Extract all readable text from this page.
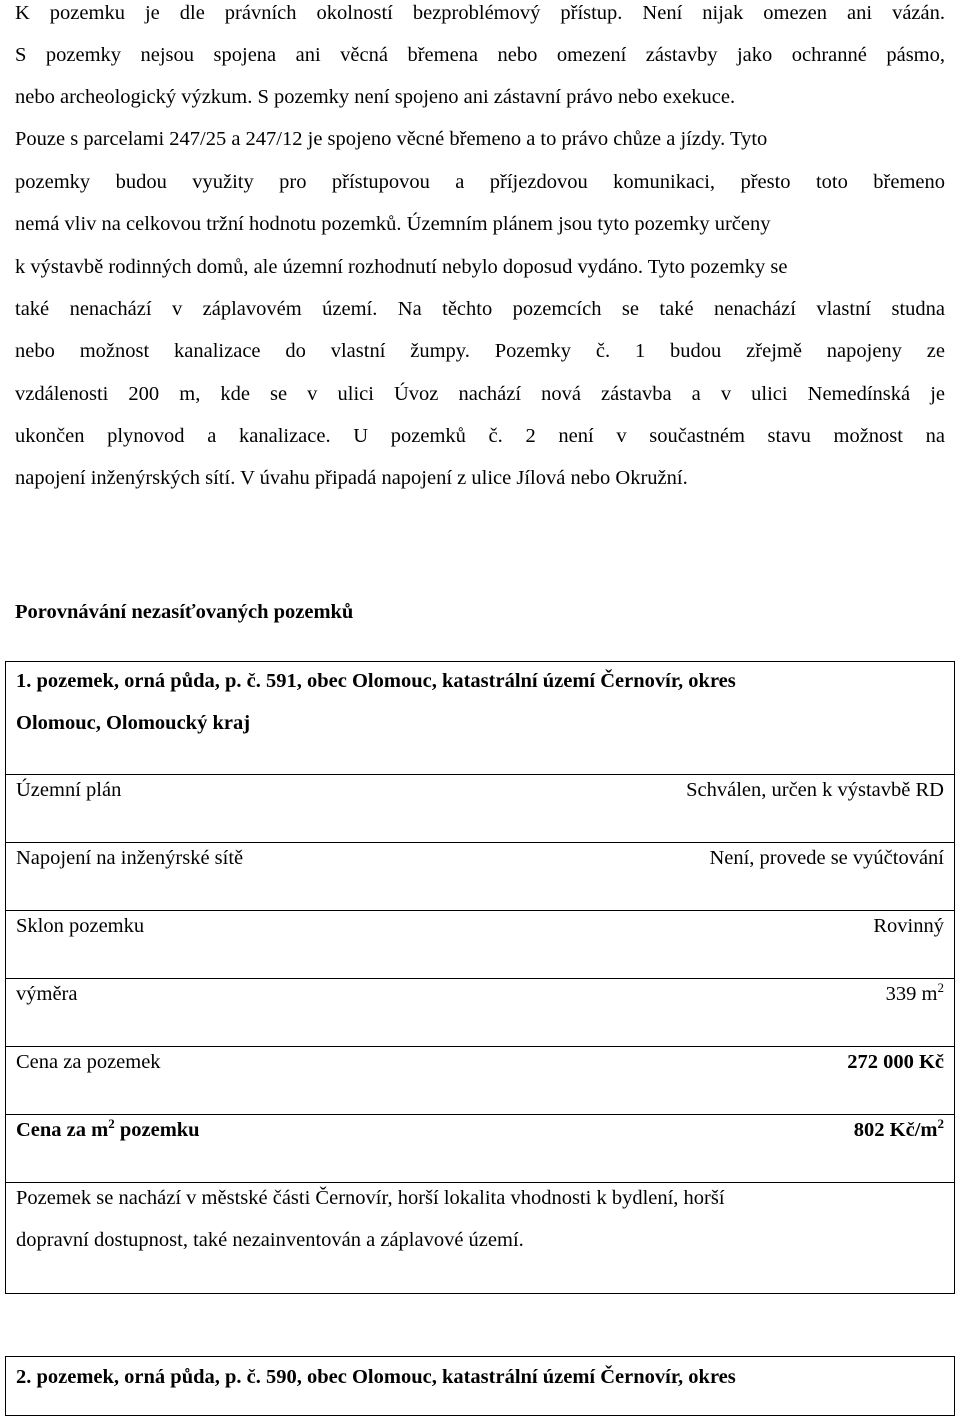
K pozemku je dle právních okolností bezproblémový přístup. Není nijak omezen ani vázán.
S pozemky nejsou spojena ani věcná břemena nebo omezení zástavby jako ochranné pásmo,
nebo archeologický výzkum. S pozemky není spojeno ani zástavní právo nebo exekuce.
Pouze s parcelami 247/25 a 247/12 je spojeno věcné břemeno a to právo chůze a jízdy. Tyto
pozemky budou využity pro přístupovou a příjezdovou komunikaci, přesto toto břemeno
nemá vliv na celkovou tržní hodnotu pozemků. Územním plánem jsou tyto pozemky určeny
k výstavbě rodinných domů, ale územní rozhodnutí nebylo doposud vydáno. Tyto pozemky se
také nenachází v záplavovém území. Na těchto pozemcích se také nenachází vlastní studna
nebo možnost kanalizace do vlastní žumpy. Pozemky č. 1 budou zřejmě napojeny ze
vzdálenosti 200 m, kde se v ulici Úvoz nachází nová zástavba a v ulici Nemedínská je
ukončen plynovod a kanalizace. U pozemků č. 2 není v součastném stavu možnost na
napojení inženýrských sítí. V úvahu připadá napojení z ulice Jílová nebo Okružní.
Porovnávání nezasíťovaných pozemků
1. pozemek, orná půda, p. č. 591, obec Olomouc, katastrální území Černovír, okres
Olomouc, Olomoucký kraj
Územní plán	Schválen, určen k výstavbě RD
Napojení na inženýrské sítě	Není, provede se vyúčtování
Sklon pozemku	Rovinný
výměra	339 $m^2$
Cena za pozemek	272 000 Kč
Cena za $m^2$ pozemku	802 $Kč/m^2$
Pozemek se nachází v městské části Černovír, horší lokalita vhodnosti k bydlení, horší
dopravní dostupnost, také nezainventován a záplavové území.
2. pozemek, orná půda, p. č. 590, obec Olomouc, katastrální území Černovír, okres
